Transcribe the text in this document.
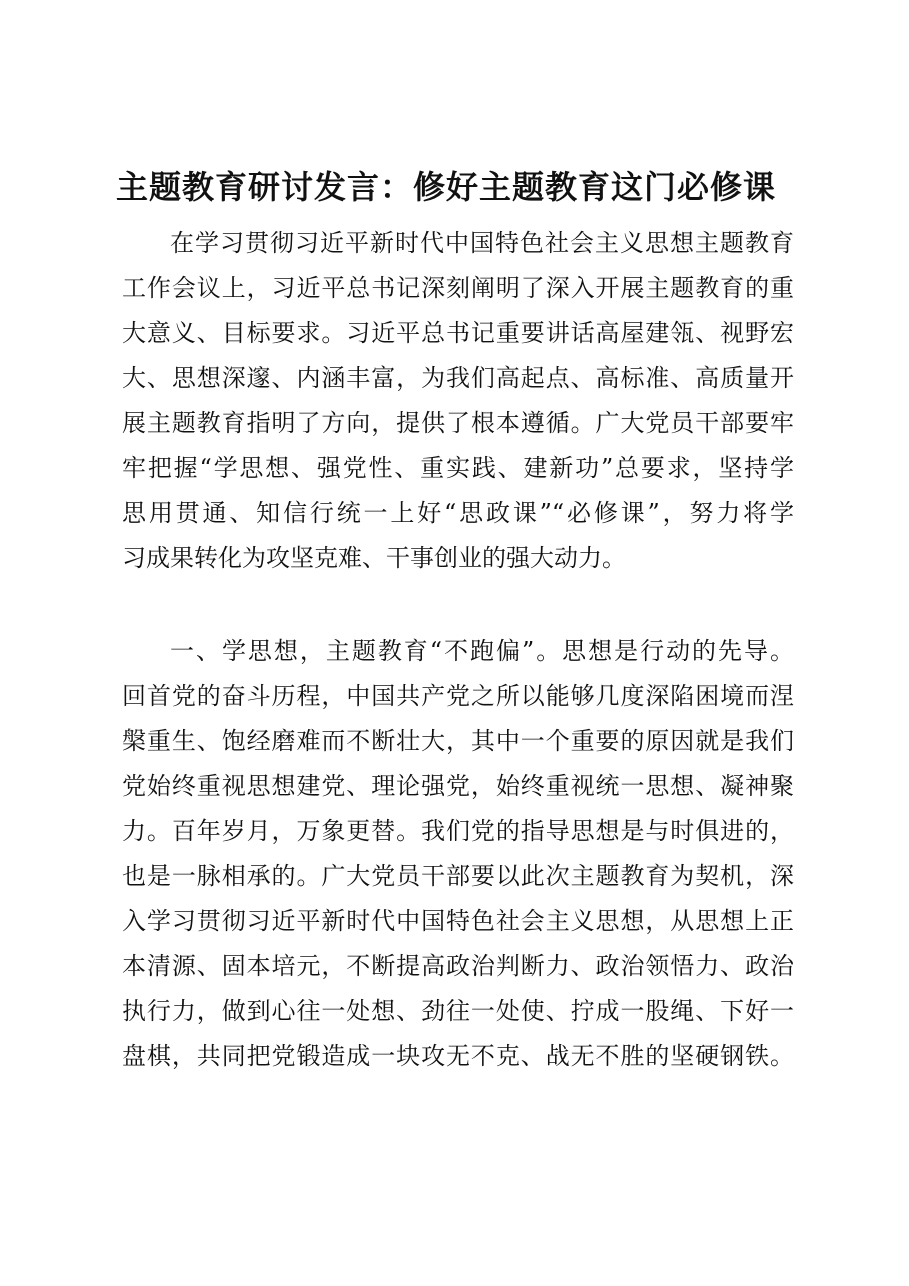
主题教育研讨发言：修好主题教育这门必修课

在学习贯彻习近平新时代中国特色社会主义思想主题教育
工作会议上，习近平总书记深刻阐明了深入开展主题教育的重
大意义、目标要求。习近平总书记重要讲话高屋建瓴、视野宏
大、思想深邃、内涵丰富，为我们高起点、高标准、高质量开
展主题教育指明了方向，提供了根本遵循。广大党员干部要牢
牢把握“学思想、强党性、重实践、建新功”总要求，坚持学
思用贯通、知信行统一上好“思政课”“必修课”，努力将学
习成果转化为攻坚克难、干事创业的强大动力。

一、学思想，主题教育“不跑偏”。思想是行动的先导。
回首党的奋斗历程，中国共产党之所以能够几度深陷困境而涅
槃重生、饱经磨难而不断壮大，其中一个重要的原因就是我们
党始终重视思想建党、理论强党，始终重视统一思想、凝神聚
力。百年岁月，万象更替。我们党的指导思想是与时俱进的，
也是一脉相承的。广大党员干部要以此次主题教育为契机，深
入学习贯彻习近平新时代中国特色社会主义思想，从思想上正
本清源、固本培元，不断提高政治判断力、政治领悟力、政治
执行力，做到心往一处想、劲往一处使、拧成一股绳、下好一
盘棋，共同把党锻造成一块攻无不克、战无不胜的坚硬钢铁。
